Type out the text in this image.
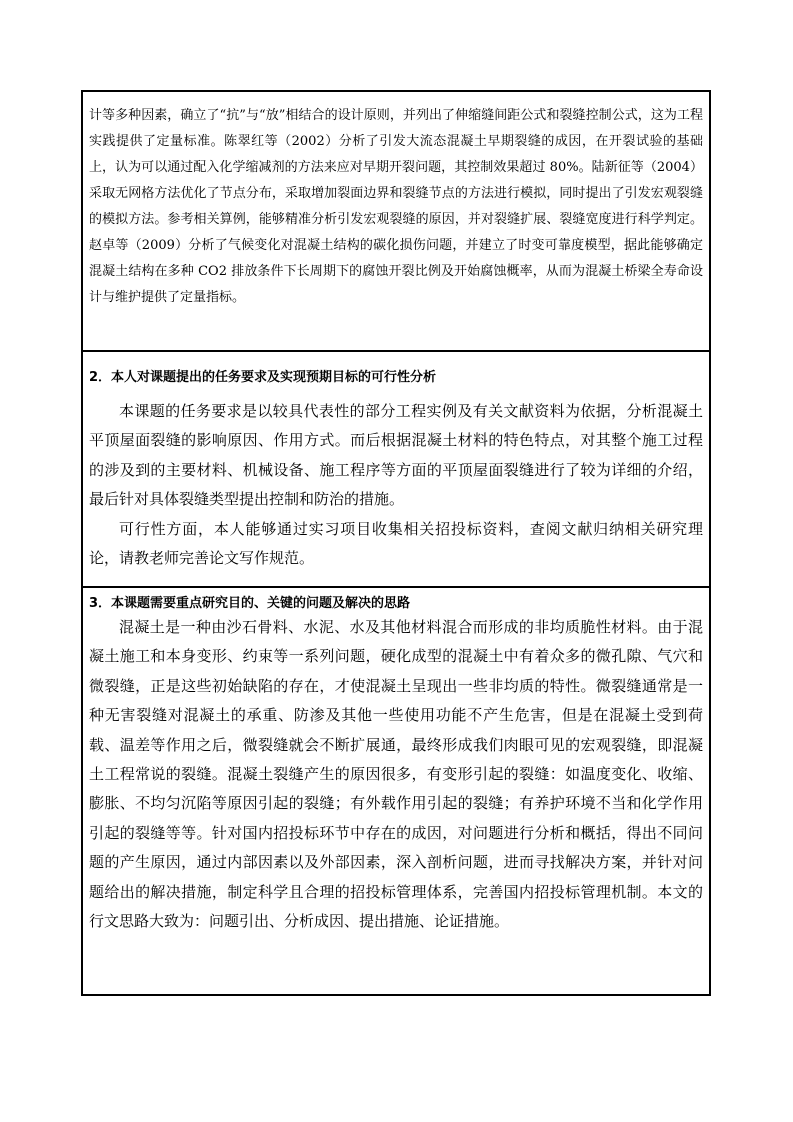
计等多种因素，确立了“抗”与“放”相结合的设计原则，并列出了伸缩缝间距公式和裂缝控制公式，这为工程实践提供了定量标准。陈翠红等（2002）分析了引发大流态混凝土早期裂缝的成因，在开裂试验的基础上，认为可以通过配入化学缩减剂的方法来应对早期开裂问题，其控制效果超过 80%。陆新征等（2004）采取无网格方法优化了节点分布，采取增加裂面边界和裂缝节点的方法进行模拟，同时提出了引发宏观裂缝的模拟方法。参考相关算例，能够精准分析引发宏观裂缝的原因，并对裂缝扩展、裂缝宽度进行科学判定。赵卓等（2009）分析了气候变化对混凝土结构的碳化损伤问题，并建立了时变可靠度模型，据此能够确定混凝土结构在多种 CO2 排放条件下长周期下的腐蚀开裂比例及开始腐蚀概率，从而为混凝土桥梁全寿命设计与维护提供了定量指标。

2．本人对课题提出的任务要求及实现预期目标的可行性分析

本课题的任务要求是以较具代表性的部分工程实例及有关文献资料为依据，分析混凝土平顶屋面裂缝的影响原因、作用方式。而后根据混凝土材料的特色特点，对其整个施工过程的涉及到的主要材料、机械设备、施工程序等方面的平顶屋面裂缝进行了较为详细的介绍，最后针对具体裂缝类型提出控制和防治的措施。

可行性方面，本人能够通过实习项目收集相关招投标资料，查阅文献归纳相关研究理论，请教老师完善论文写作规范。

3．本课题需要重点研究目的、关键的问题及解决的思路

混凝土是一种由沙石骨料、水泥、水及其他材料混合而形成的非均质脆性材料。由于混凝土施工和本身变形、约束等一系列问题，硬化成型的混凝土中有着众多的微孔隙、气穴和微裂缝，正是这些初始缺陷的存在，才使混凝土呈现出一些非均质的特性。微裂缝通常是一种无害裂缝对混凝土的承重、防渗及其他一些使用功能不产生危害，但是在混凝土受到荷载、温差等作用之后，微裂缝就会不断扩展通，最终形成我们肉眼可见的宏观裂缝，即混凝土工程常说的裂缝。混凝土裂缝产生的原因很多，有变形引起的裂缝：如温度变化、收缩、膨胀、不均匀沉陷等原因引起的裂缝；有外载作用引起的裂缝；有养护环境不当和化学作用引起的裂缝等等。针对国内招投标环节中存在的成因，对问题进行分析和概括，得出不同问题的产生原因，通过内部因素以及外部因素，深入剖析问题，进而寻找解决方案，并针对问题给出的解决措施，制定科学且合理的招投标管理体系，完善国内招投标管理机制。本文的行文思路大致为：问题引出、分析成因、提出措施、论证措施。
